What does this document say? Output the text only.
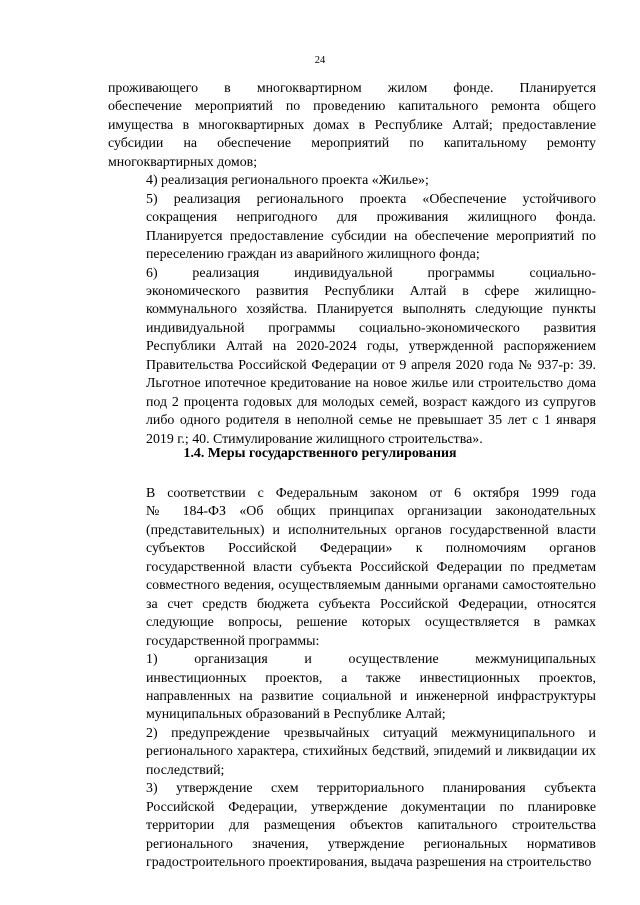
24

проживающего в многоквартирном жилом фонде. Планируется
обеспечение мероприятий по проведению капитального ремонта общего
имущества в многоквартирных домах в Республике Алтай; предоставление
субсидии на обеспечение мероприятий по капитальному ремонту
многоквартирных домов;

4) реализация регионального проекта «Жилье»;

5) реализация регионального проекта «Обеспечение устойчивого
сокращения непригодного для проживания жилищного фонда.
Планируется предоставление субсидии на обеспечение мероприятий по
переселению граждан из аварийного жилищного фонда;

6) реализация индивидуальной программы социально-
экономического развития Республики Алтай в сфере жилищно-
коммунального хозяйства. Планируется выполнять следующие пункты
индивидуальной программы социально-экономического развития
Республики Алтай на 2020-2024 годы, утвержденной распоряжением
Правительства Российской Федерации от 9 апреля 2020 года № 937-р: 39.
Льготное ипотечное кредитование на новое жилье или строительство дома
под 2 процента годовых для молодых семей, возраст каждого из супругов
либо одного родителя в неполной семье не превышает 35 лет с 1 января
2019 г.; 40. Стимулирование жилищного строительства».

1.4. Меры государственного регулирования

В соответствии с Федеральным законом от 6 октября 1999 года
№ 184-ФЗ «Об общих принципах организации законодательных
(представительных) и исполнительных органов государственной власти
субъектов Российской Федерации» к полномочиям органов
государственной власти субъекта Российской Федерации по предметам
совместного ведения, осуществляемым данными органами самостоятельно
за счет средств бюджета субъекта Российской Федерации, относятся
следующие вопросы, решение которых осуществляется в рамках
государственной программы:

1) организация и осуществление межмуниципальных
инвестиционных проектов, а также инвестиционных проектов,
направленных на развитие социальной и инженерной инфраструктуры
муниципальных образований в Республике Алтай;

2) предупреждение чрезвычайных ситуаций межмуниципального и
регионального характера, стихийных бедствий, эпидемий и ликвидации их
последствий;

3) утверждение схем территориального планирования субъекта
Российской Федерации, утверждение документации по планировке
территории для размещения объектов капитального строительства
регионального значения, утверждение региональных нормативов
градостроительного проектирования, выдача разрешения на строительство
